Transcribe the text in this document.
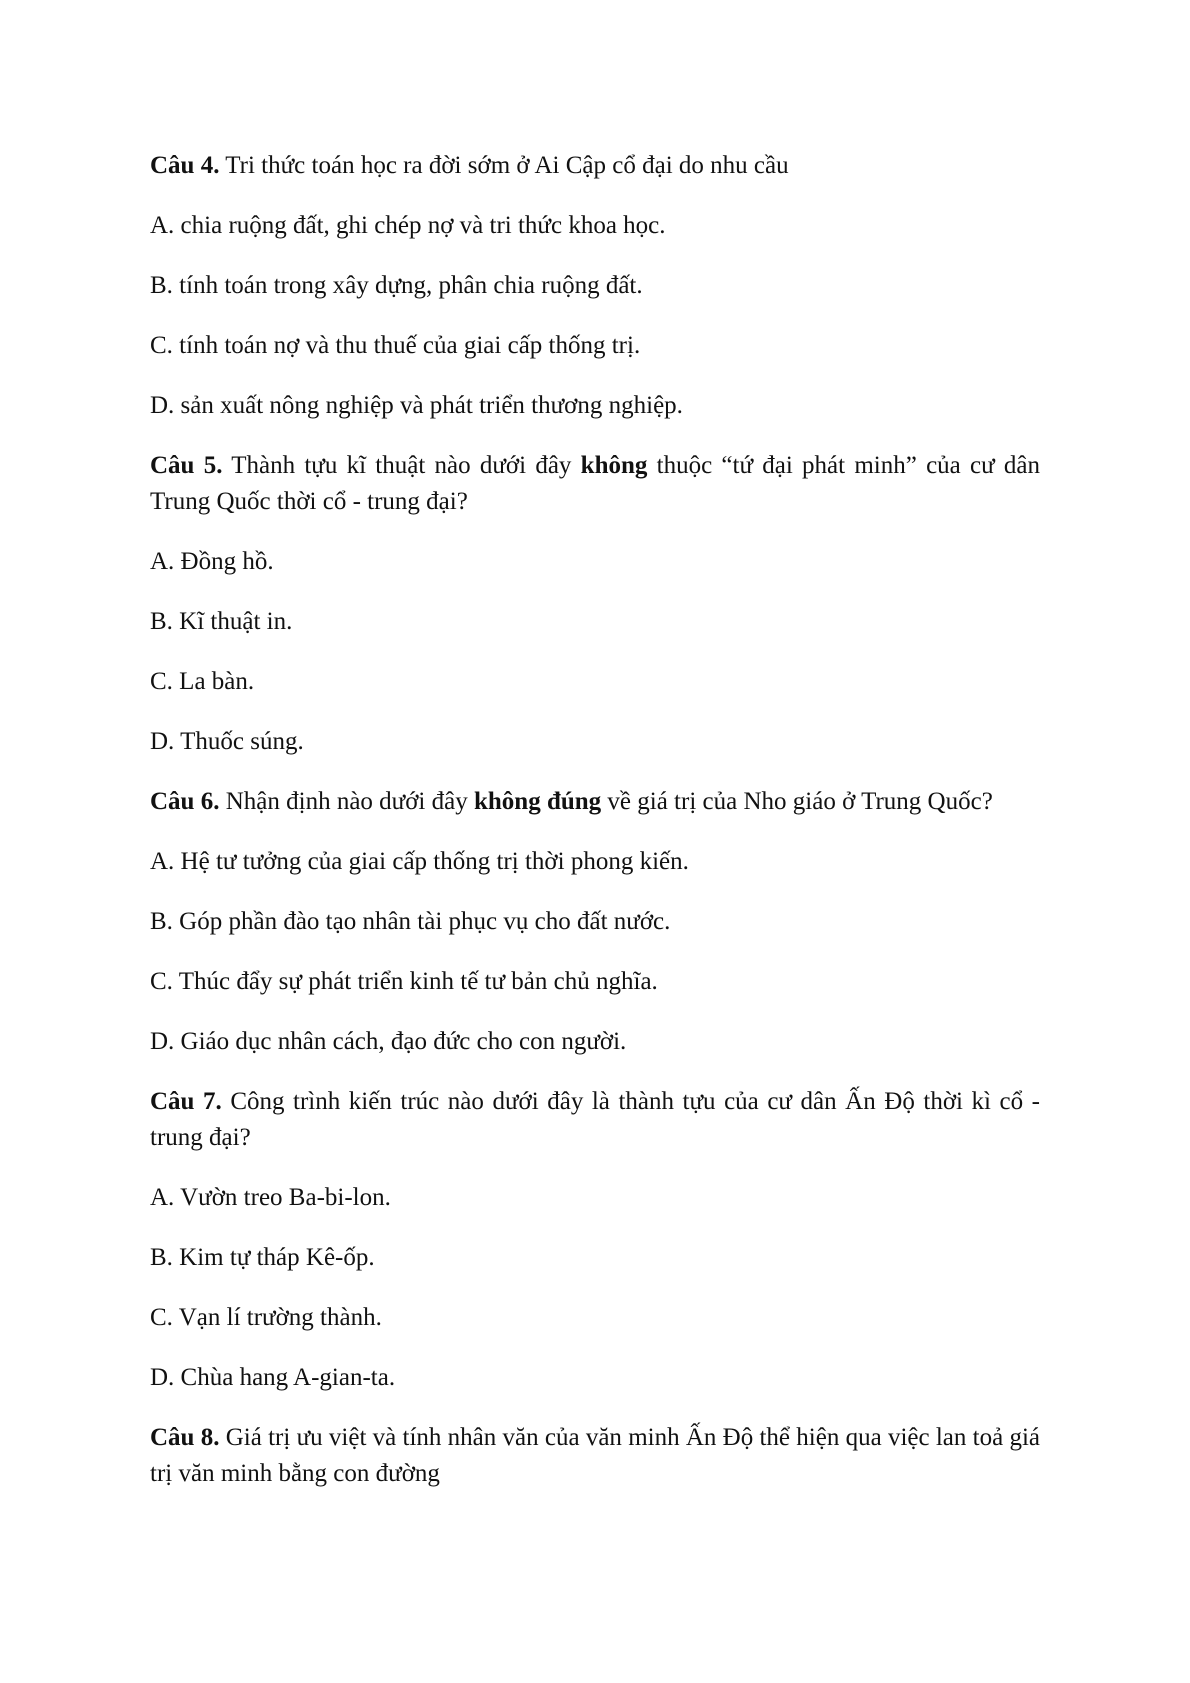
Câu 4. Tri thức toán học ra đời sớm ở Ai Cập cổ đại do nhu cầu

A. chia ruộng đất, ghi chép nợ và tri thức khoa học.

B. tính toán trong xây dựng, phân chia ruộng đất.

C. tính toán nợ và thu thuế của giai cấp thống trị.

D. sản xuất nông nghiệp và phát triển thương nghiệp.

Câu 5. Thành tựu kĩ thuật nào dưới đây không thuộc “tứ đại phát minh” của cư dân Trung Quốc thời cổ - trung đại?

A. Đồng hồ.

B. Kĩ thuật in.

C. La bàn.

D. Thuốc súng.

Câu 6. Nhận định nào dưới đây không đúng về giá trị của Nho giáo ở Trung Quốc?

A. Hệ tư tưởng của giai cấp thống trị thời phong kiến.

B. Góp phần đào tạo nhân tài phục vụ cho đất nước.

C. Thúc đẩy sự phát triển kinh tế tư bản chủ nghĩa.

D. Giáo dục nhân cách, đạo đức cho con người.

Câu 7. Công trình kiến trúc nào dưới đây là thành tựu của cư dân Ấn Độ thời kì cổ - trung đại?

A. Vườn treo Ba-bi-lon.

B. Kim tự tháp Kê-ốp.

C. Vạn lí trường thành.

D. Chùa hang A-gian-ta.

Câu 8. Giá trị ưu việt và tính nhân văn của văn minh Ấn Độ thể hiện qua việc lan toả giá trị văn minh bằng con đường
